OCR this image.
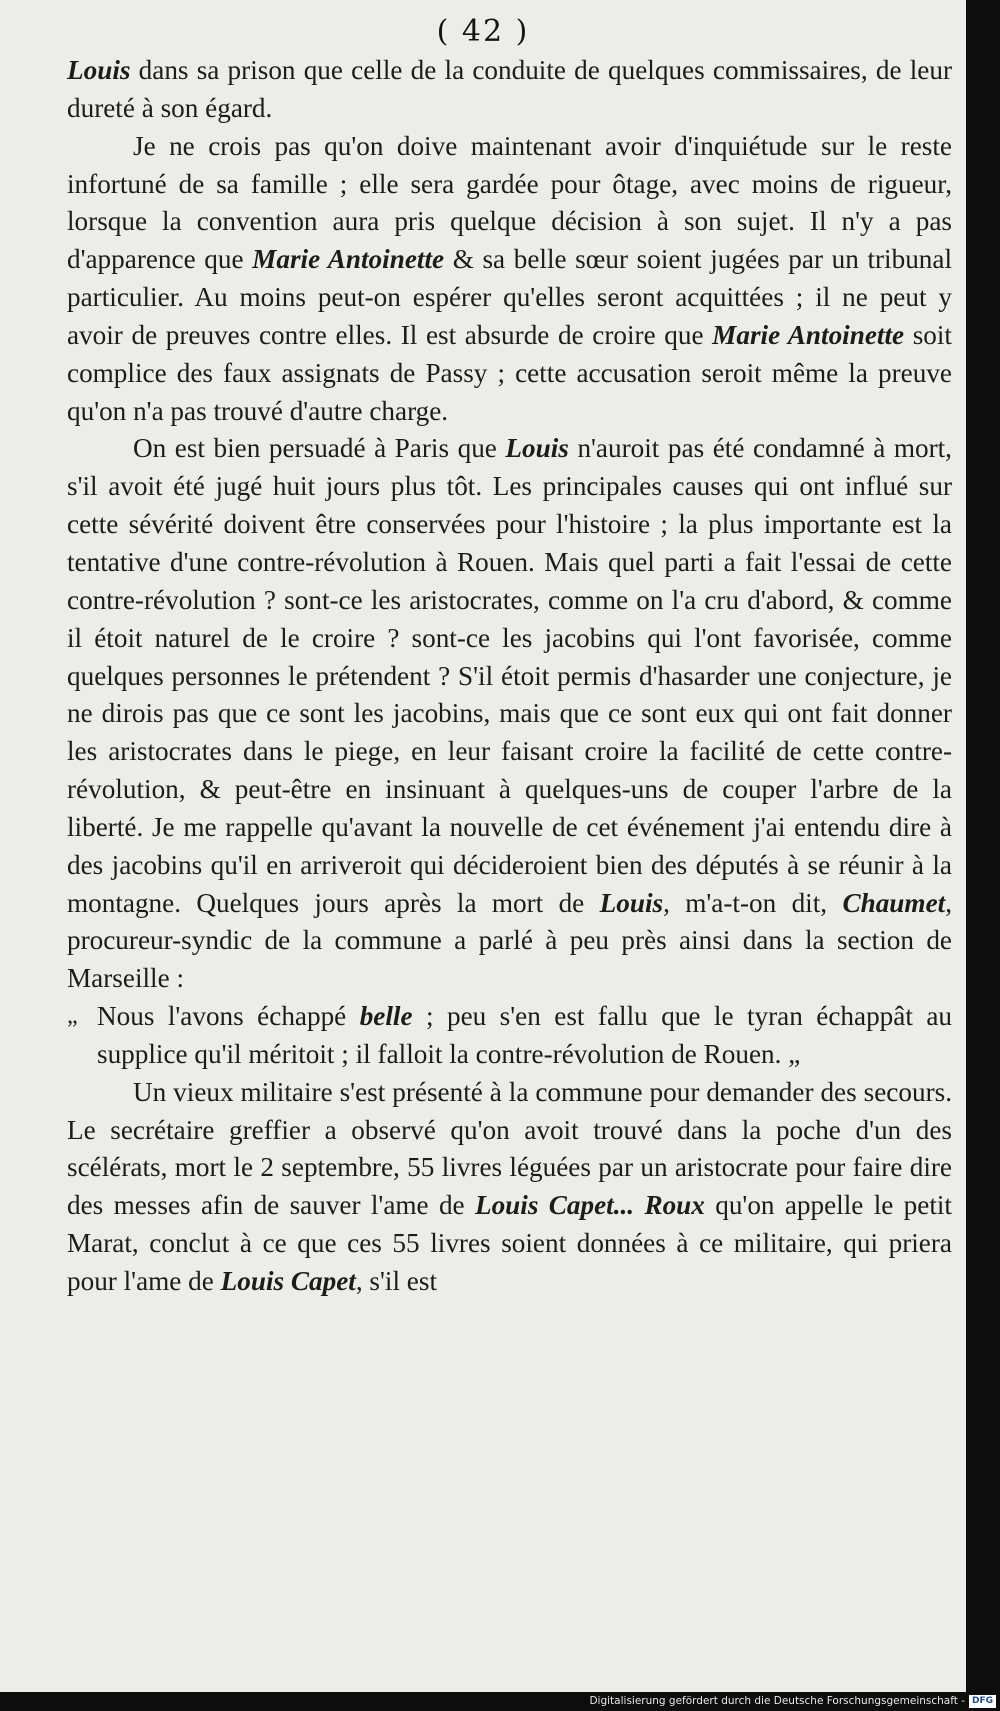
( 42 )

Louis dans sa prison que celle de la conduite de quelques commissaires, de leur dureté à son égard.

Je ne crois pas qu'on doive maintenant avoir d'inquiétude sur le reste infortuné de sa famille ; elle sera gardée pour ôtage, avec moins de rigueur, lorsque la convention aura pris quelque décision à son sujet. Il n'y a pas d'apparence que Marie Antoinette & sa belle sœur soient jugées par un tribunal particulier. Au moins peut-on espérer qu'elles seront acquittées ; il ne peut y avoir de preuves contre elles. Il est absurde de croire que Marie Antoinette soit complice des faux assignats de Passy ; cette accusation seroit même la preuve qu'on n'a pas trouvé d'autre charge.

On est bien persuadé à Paris que Louis n'auroit pas été condamné à mort, s'il avoit été jugé huit jours plus tôt. Les principales causes qui ont influé sur cette sévérité doivent être conservées pour l'histoire ; la plus importante est la tentative d'une contre-révolution à Rouen. Mais quel parti a fait l'essai de cette contre-révolution ? sont-ce les aristocrates, comme on l'a cru d'abord, & comme il étoit naturel de le croire ? sont-ce les jacobins qui l'ont favorisée, comme quelques personnes le prétendent ? S'il étoit permis d'hasarder une conjecture, je ne dirois pas que ce sont les jacobins, mais que ce sont eux qui ont fait donner les aristocrates dans le piege, en leur faisant croire la facilité de cette contre-révolution, & peut-être en insinuant à quelques-uns de couper l'arbre de la liberté. Je me rappelle qu'avant la nouvelle de cet événement j'ai entendu dire à des jacobins qu'il en arriveroit qui décideroient bien des députés à se réunir à la montagne. Quelques jours après la mort de Louis, m'a-t-on dit, Chaumet, procureur-syndic de la commune a parlé à peu près ainsi dans la section de Marseille :

„ Nous l'avons échappé belle ; peu s'en est fallu que le tyran échappât au supplice qu'il méritoit ; il falloit la contre-révolution de Rouen. „

Un vieux militaire s'est présenté à la commune pour demander des secours. Le secrétaire greffier a observé qu'on avoit trouvé dans la poche d'un des scélérats, mort le 2 septembre, 55 livres léguées par un aristocrate pour faire dire des messes afin de sauver l'ame de Louis Capet... Roux qu'on appelle le petit Marat, conclut à ce que ces 55 livres soient données à ce militaire, qui priera pour l'ame de Louis Capet, s'il est

Digitalisierung gefördert durch die Deutsche Forschungsgemeinschaft - DFG
